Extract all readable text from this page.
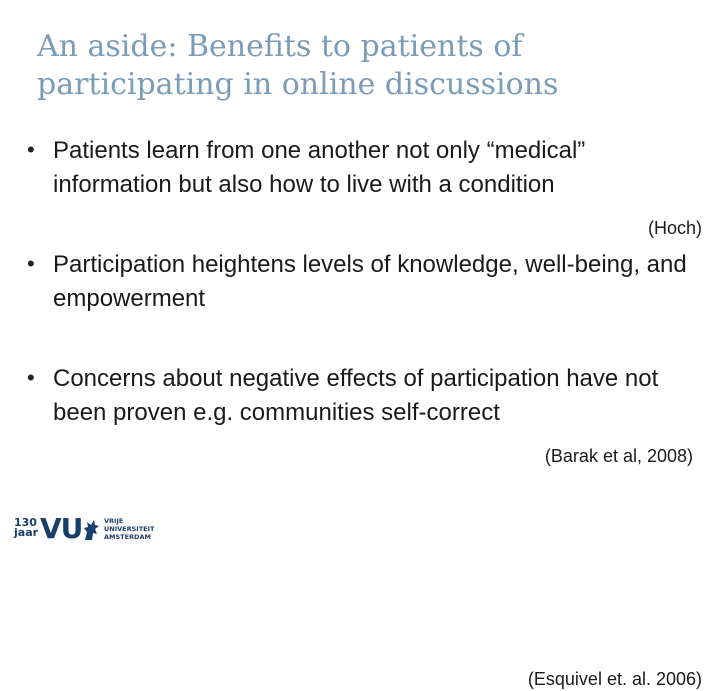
An aside: Benefits to patients of participating in online discussions
• Patients learn from one another not only “medical” information but also how to live with a condition
(Hoch)
• Participation heightens levels of knowledge, well-being, and empowerment
(Barak et al, 2008)
• Concerns about negative effects of participation have not been proven e.g. communities self-correct
(Esquivel et. al. 2006)
130
jaar VU	VRIJE
UNIVERSITEIT
AMSTERDAM
